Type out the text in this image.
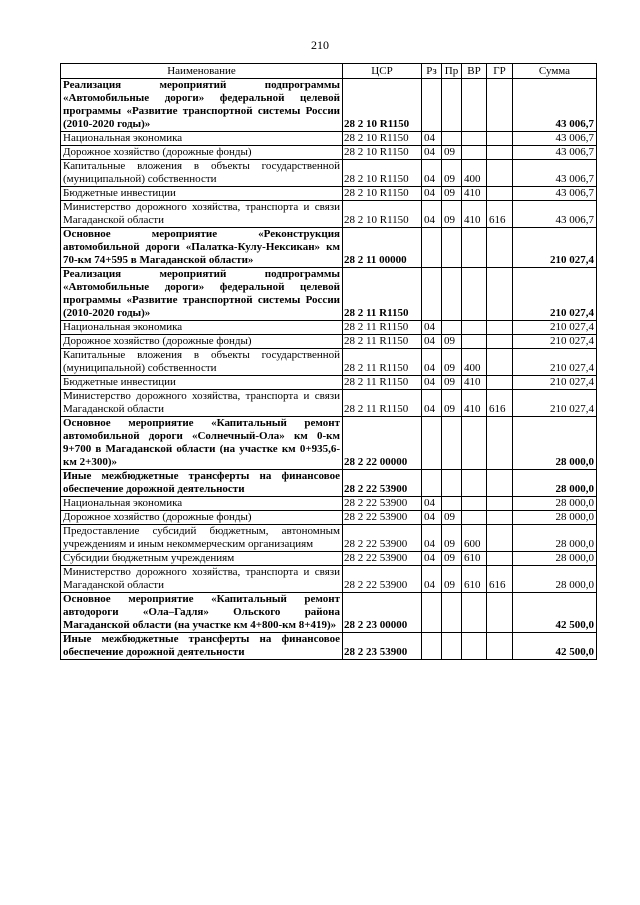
210
Наименование	ЦСР	Рз	Пр	ВР	ГР	Сумма
Реализация мероприятий подпрограммы «Автомобильные дороги» федеральной целевой программы «Развитие транспортной системы России (2010-2020 годы)»	28 2 10 R1150					43 006,7
Национальная экономика	28 2 10 R1150	04				43 006,7
Дорожное хозяйство (дорожные фонды)	28 2 10 R1150	04	09			43 006,7
Капитальные вложения в объекты государственной (муниципальной) собственности	28 2 10 R1150	04	09	400		43 006,7
Бюджетные инвестиции	28 2 10 R1150	04	09	410		43 006,7
Министерство дорожного хозяйства, транспорта и связи Магаданской области	28 2 10 R1150	04	09	410	616	43 006,7
Основное мероприятие «Реконструкция автомобильной дороги «Палатка-Кулу-Нексикан» км 70-км 74+595 в Магаданской области»	28 2 11 00000					210 027,4
Реализация мероприятий подпрограммы «Автомобильные дороги» федеральной целевой программы «Развитие транспортной системы России (2010-2020 годы)»	28 2 11 R1150					210 027,4
Национальная экономика	28 2 11 R1150	04				210 027,4
Дорожное хозяйство (дорожные фонды)	28 2 11 R1150	04	09			210 027,4
Капитальные вложения в объекты государственной (муниципальной) собственности	28 2 11 R1150	04	09	400		210 027,4
Бюджетные инвестиции	28 2 11 R1150	04	09	410		210 027,4
Министерство дорожного хозяйства, транспорта и связи Магаданской области	28 2 11 R1150	04	09	410	616	210 027,4
Основное мероприятие «Капитальный ремонт автомобильной дороги «Солнечный-Ола» км 0-км 9+700 в Магаданской области (на участке км 0+935,6-км 2+300)»	28 2 22 00000					28 000,0
Иные межбюджетные трансферты на финансовое обеспечение дорожной деятельности	28 2 22 53900					28 000,0
Национальная экономика	28 2 22 53900	04				28 000,0
Дорожное хозяйство (дорожные фонды)	28 2 22 53900	04	09			28 000,0
Предоставление субсидий бюджетным, автономным учреждениям и иным некоммерческим организациям	28 2 22 53900	04	09	600		28 000,0
Субсидии бюджетным учреждениям	28 2 22 53900	04	09	610		28 000,0
Министерство дорожного хозяйства, транспорта и связи Магаданской области	28 2 22 53900	04	09	610	616	28 000,0
Основное мероприятие «Капитальный ремонт автодороги «Ола–Гадля» Ольского района Магаданской области (на участке км 4+800-км 8+419)»	28 2 23 00000					42 500,0
Иные межбюджетные трансферты на финансовое обеспечение дорожной деятельности	28 2 23 53900					42 500,0
